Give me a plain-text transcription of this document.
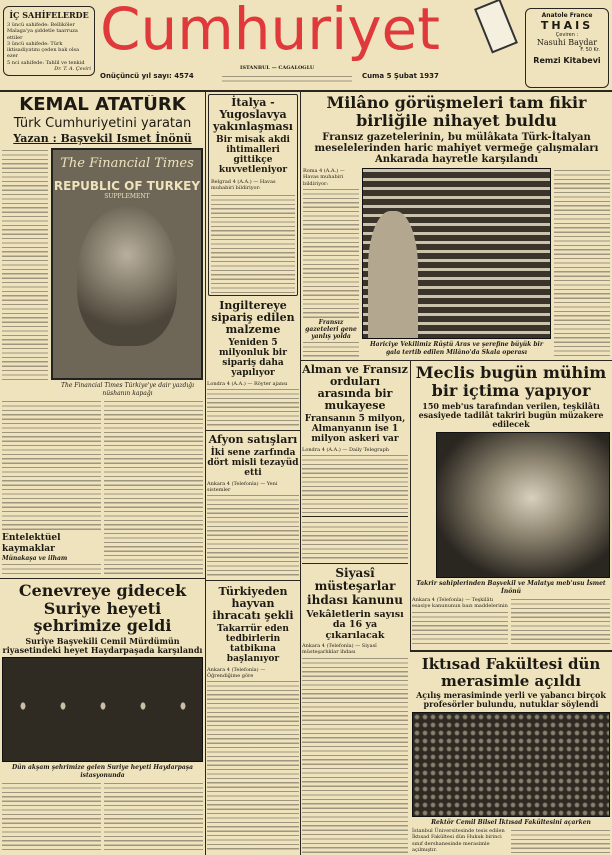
İÇ SAHİFELERDE
3 üncü sahifede: Belliköler Malaga'ya şiddetle taarruza ettiler
3 üncü sahifede: Türk iktisadiyatını çeden bak olsa ezer
5 nci sahifede: Tahlil ve tenkid
Dr. T. A. Çeviri
Cumhuriyet
Onüçüncü yıl sayı: 4574
ISTANBUL — CAGALOGLU
Cuma 5 Şubat 1937
Anatole France
THAIS
Çeviren :
Nasuhi Baydar
F. 50 Kr.
Remzi Kitabevi
KEMAL ATATÜRK
Türk Cumhuriyetini yaratan
Yazan : Başvekil Ismet İnönü
The Financial Times
REPUBLIC OF TURKEY
SUPPLEMENT
The Financial Times Türkiye'ye dair yazdığı nüshanın kapağı
Entelektüel kaymaklar
Münakaşa ve ilham
İtalya - Yugoslavya yakınlaşması
Bir misak akdi ihtimalleri gittikçe kuvvetleniyor
Belgrad 4 (A.A.) — Havas muhabiri bildiriyor:
İngiltereye sipariş edilen malzeme
Yeniden 5 milyonluk bir sipariş daha yapılıyor
Londra 4 (A.A.) — Röyter ajansı
Afyon satışları
İki sene zarfında dört misli tezayüd etti
Ankara 4 (Telefonla) — Yeni sistemler
Milâno görüşmeleri tam fikir birliğile nihayet buldu
Fransız gazetelerinin, bu mülâkata Türk-İtalyan meselelerinden haric mahiyet vermeğe çalışmaları Ankarada hayretle karşılandı
Roma 4 (A.A.) — Havas muhabiri bildiriyor:
Fransız gazeteleri gene yanlış yolda
Hariciye Vekilimiz Rüştü Aras ve şerefine büyük bir gala tertib edilen Milâno'da Skala operası
Alman ve Fransız orduları arasında bir mukayese
Fransanın 5 milyon, Almanyanın ise 1 milyon askeri var
Londra 4 (A.A.) — Daily Telegraph
Siyasî müsteşarlar ihdası kanunu
Vekâletlerin sayısı da 16 ya çıkarılacak
Ankara 4 (Telefonla) — Siyasî müsteşarlıklar ihdası
Meclis bugün mühim bir içtima yapıyor
150 meb'us tarafından verilen, teşkilâtı esasiyede tadilât takriri bugün müzakere edilecek
Takrir sahiplerinden Başvekil ve Malatya meb'usu İsmet İnönü
Ankara 4 (Telefonla) — Teşkilâtı esasiye kanununun bazı maddelerinin
Iktısad Fakültesi dün merasimle açıldı
Açılış merasiminde yerli ve yabancı birçok profesörler bulundu, nutuklar söylendi
Rektör Cemil Bilsel İktısad Fakültesini açarken
İstanbul Üniversitesinde tesis edilen İktısad Fakültesi dün Hukuk birinci sınıf dershanesinde merasimle açılmıştır.
Türkiyeden hayvan ihracatı şekli
Takarrür eden tedbirlerin tatbikına başlanıyor
Ankara 4 (Telefonla) — Öğrendiğime göre
Cenevreye gidecek Suriye heyeti şehrimize geldi
Suriye Başvekili Cemil Mürdümün riyasetindeki heyet Haydarpaşada karşılandı
Dün akşam şehrimize gelen Suriye heyeti Haydarpaşa istasyonunda
